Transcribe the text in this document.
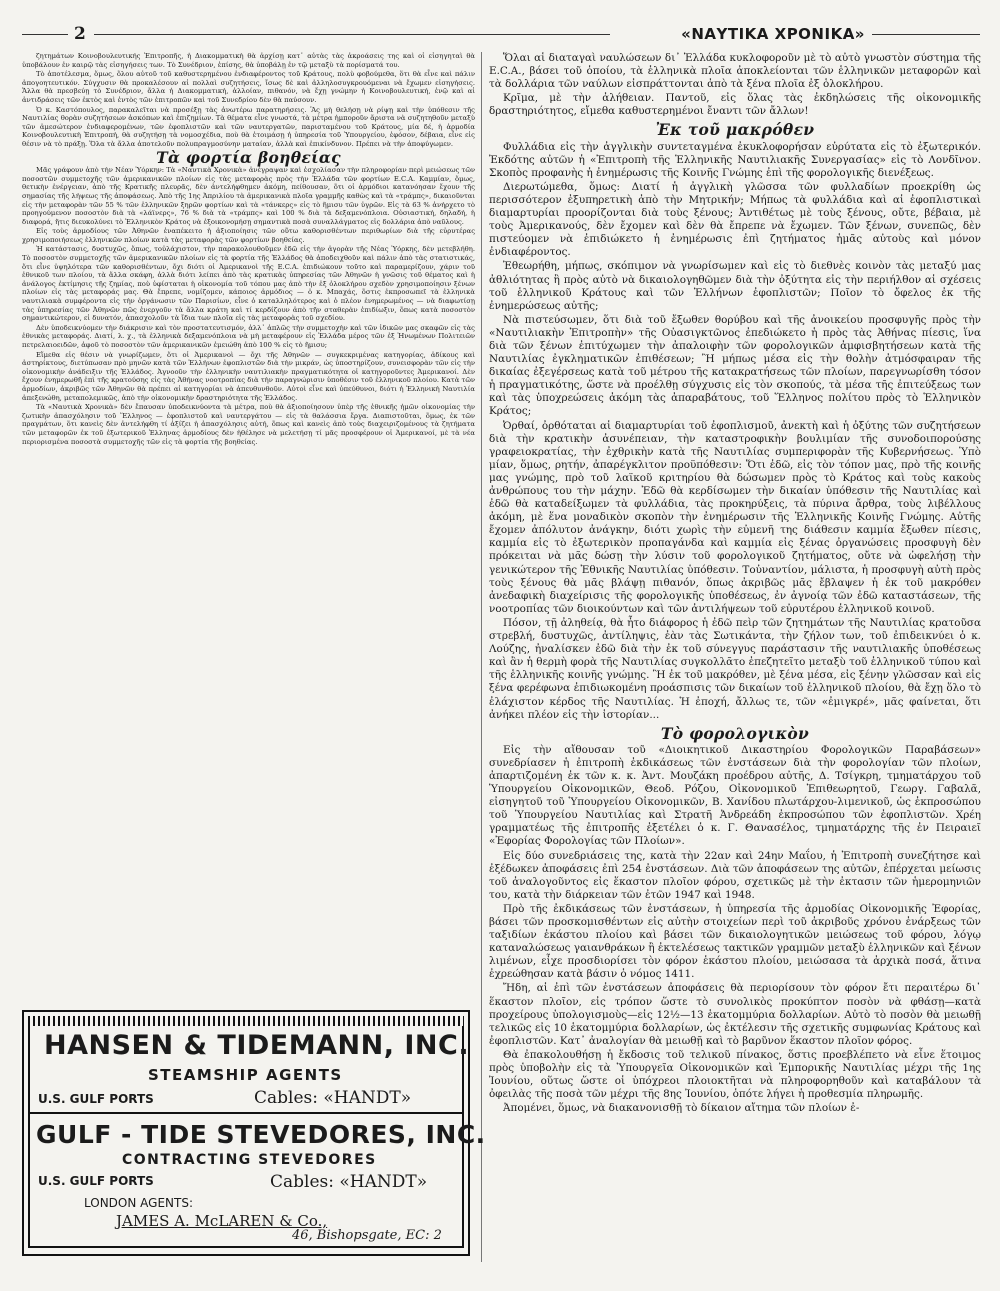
2	«ΝΑΥΤΙΚΑ ΧΡΟΝΙΚΑ»

ζητημάτων Κοινοβουλευτικής Ἐπιτροπῆς, ἡ Διακομματικὴ θὰ ἀρχίσῃ κατ᾿ αὐτὰς τὰς ἀκροάσεις της καὶ οἱ εἰσηγηταὶ θὰ ὑποβάλουν ἐν καιρῷ τὰς εἰσηγήσεις των. Τὸ Συνέδριον, ἐπίσης, θὰ ὑποβάλῃ ἐν τῷ μεταξὺ τὰ πορίσματά του.

Τὸ ἀποτέλεσμα, ὅμως, ὅλου αὐτοῦ τοῦ καθυστερημένου ἐνδιαφέροντος τοῦ Κράτους, πολὺ φοβούμεθα, ὅτι θὰ εἶνε καὶ πάλιν ἀπογοητευτικόν. Σύγχυσιν θὰ προκαλέσουν αἱ πολλαὶ συζητήσεις, ἴσως δὲ καὶ ἀλληλοσυγκρουόμεναι νὰ ἔχωμεν εἰσηγήσεις. Ἄλλα θὰ πρεσβεύῃ τὸ Συνέδριον, ἄλλα ἡ Διακομματική, ἀλλοίαν, πιθανόν, νὰ ἔχῃ γνώμην ἡ Κοινοβουλευτική, ἐνῷ καὶ αἱ ἀντιδράσεις τῶν ἐκτὸς καὶ ἐντὸς τῶν ἐπιτροπῶν καὶ τοῦ Συνεδρίου δὲν θὰ παύσουν.

Ὁ κ. Καστόπουλος, παρακαλεῖται νὰ προσέξῃ τὰς ἀνωτέρω παρατηρήσεις. Ἂς μὴ θελήσῃ νὰ ρίψῃ καὶ τὴν ὑπόθεσιν τῆς Ναυτιλίας θορὰν συζητήσεων ἀσκόπων καὶ ἐπιζημίων. Τὰ θέματα εἶνε γνωστά, τὰ μέτρα ἠμποροῦν ἄριστα νὰ συζητηθοῦν μεταξὺ τῶν ἀμεσώτερον ἐνδιαφερομένων, τῶν ἐφοπλιστῶν καὶ τῶν ναυτεργατῶν, παρισταμένου τοῦ Κράτους, μία δέ, ἡ ἁρμοδία Κοινοβουλευτικὴ Ἐπιτροπή, θὰ συζητήσῃ τὰ νομοσχέδια, ποὺ θὰ ἑτοιμάσῃ ἡ ὑπηρεσία τοῦ Ὑπουργείου, ἐφόσον, δέβαια, εἶνε εἰς θέσιν νὰ τὸ πράξῃ. Ὅλα τὰ ἄλλα ἀποτελοῦν πολυπραγμοσύνην ματαίαν, ἀλλὰ καὶ ἐπικίνδυνον. Πρέπει νὰ τὴν ἀποφύγωμεν.

Τὰ φορτία βοηθείας

Μᾶς γράφουν ἀπὸ τὴν Νέαν Ὑόρκην: Τὰ «Ναυτικὰ Χρονικὰ» ἀνέγραψαν καὶ ἐσχολίασαν τὴν πληροφορίαν περὶ μειώσεως τῶν ποσοστῶν συμμετοχῆς τῶν ἀμερικανικῶν πλοίων εἰς τὰς μεταφορὰς πρὸς τὴν Ἑλλάδα τῶν φορτίων E.C.A. Καμμίαν, ὅμως, θετικὴν ἐνέργειαν, ἀπὸ τῆς Κρατικῆς πλευρᾶς, δὲν ἀντελήφθημεν ἀκόμη, πείθουσαν, ὅτι οἱ ἁρμόδιοι κατανόησαν ἔχουν τῆς σημασίας τῆς λήψεως τῆς ἀποφάσεως. Ἀπὸ τῆς 1ης Ἀπριλίου τὰ ἀμερικανικὰ πλοῖα γραμμῆς καθὼς καὶ τὰ «τράμπς», δικαιοῦνται εἰς τὴν μεταφορὰν τῶν 55 % τῶν ἑλληνικῶν ξηρῶν φορτίων καὶ τὰ «τάνκερς» εἰς τὸ ἥμισυ τῶν ὑγρῶν. Εἰς τὰ 63 % ἀνήρχετο τὸ προηγούμενον ποσοστὸν διὰ τὰ «λάϊνερς», 76 % διὰ τὰ «τράμπς» καὶ 100 % διὰ τὰ δεξαμενόπλοια. Οὐσιαστική, δηλαδή, ἡ διαφορά, ἥτις διευκολύνει τὸ Ἑλληνικὸν Κράτος νὰ ἐξοικονομήσῃ σημαντικὰ ποσὰ συναλλάγματος εἰς δολλάρια ἀπὸ ναῦλους.

Εἰς τοὺς ἁρμοδίους τῶν Ἀθηνῶν ἐναπέκειτο ἡ ἀξιοποίησις τῶν οὕτω καθορισθέντων περιθωρίων διὰ τῆς εὐρυτέρας χρησιμοποιήσεως ἑλληνικῶν πλοίων κατὰ τὰς μεταφορὰς τῶν φορτίων βοηθείας.

Ἡ κατάστασις, δυστυχῶς, ὅπως, τοὐλάχιστον, τὴν παρακολουθοῦμεν ἐδῶ εἰς τὴν ἀγορὰν τῆς Νέας Ὑόρκης, δὲν μετεβλήθη. Τὸ ποσοστὸν συμμετοχῆς τῶν ἀμερικανικῶν πλοίων εἰς τὰ φορτία τῆς Ἑλλάδος θὰ ἀποδειχθοῦν καὶ πάλιν ἀπὸ τὰς στατιστικάς, ὅτι εἶνε ὑψηλότερα τῶν καθορισθέντων, ὄχι διότι οἱ Ἀμερικανοὶ τῆς E.C.A. ἐπιδιώκουν τοῦτο καὶ παραμερίζουν, χάριν τοῦ ἐθνικοῦ των πλοίου, τὰ ἄλλα σκάφη, ἀλλὰ διότι λείπει ἀπὸ τὰς κρατικὰς ὑπηρεσίας τῶν Ἀθηνῶν ἡ γνῶσις τοῦ θέματος καὶ ἡ ἀνάλογος ἐκτίμησις τῆς ζημίας, ποὺ ὑφίσταται ἡ οἰκονομία τοῦ τόπου μας ἀπὸ τὴν ἐξ ὁλοκλήρου σχεδὸν χρησιμοποίησιν ξένων πλοίων εἰς τὰς μεταφοράς μας. Θὰ ἔπρεπε, νομίζομεν, κάποιος ἁρμόδιος — ὁ κ. Μπαχάς, ὅστις ἐκπροσωπεῖ τὰ ἑλληνικὰ ναυτιλιακὰ συμφέροντα εἰς τὴν ὀργάνωσιν τῶν Παρισίων, εἶνε ὁ καταλληλότερος καὶ ὁ πλέον ἐνημερωμένος — νὰ διαφωτίσῃ τὰς ὑπηρεσίας τῶν Ἀθηνῶν πῶς ἐνεργοῦν τὰ ἄλλα κράτη καὶ τί κερδίζουν ἀπὸ τῆν σταθερὰν ἐπιδίωξιν, ὅπως κατὰ ποσοστὸν σημαντικώτερον, εἰ δυνατόν, ἀπασχολοῦν τὰ ἴδια των πλοῖα εἰς τὰς μεταφορὰς τοῦ σχεδίου.

Δὲν ὑποδεικνύομεν τὴν διάκρισιν καὶ τὸν προστατευτισμόν, ἀλλ᾿ ἁπλῶς τὴν συμμετοχὴν καὶ τῶν ἰδικῶν μας σκαφῶν εἰς τὰς ἐθνικὰς μεταφοράς. Διατί, λ. χ., τὰ ἑλληνικὰ δεξαμενόπλοια νὰ μὴ μεταφέρουν εἰς Ἑλλάδα μέρος τῶν ἐξ Ἡνωμένων Πολιτειῶν πετρελαιοειδῶν, ἀφοῦ τὸ ποσοστὸν τῶν ἀμερικανικῶν ἐμειώθη ἀπὸ 100 % εἰς τὸ ἥμισυ;

Εἴμεθα εἰς θέσιν νὰ γνωρίζωμεν, ὅτι οἱ Ἀμερικανοὶ — ὄχι τῆς Ἀθηνῶν — συγκεκριμένας κατηγορίας, ἀδίκους καὶ ἀστηρίκτους, διετύπωσαν πρὸ μηνῶν κατὰ τῶν Ἑλλήνων ἐφοπλιστῶν διὰ τὴν μικράν, ὡς ὑποστηρίζουν, συνεισφορὰν τῶν εἰς τὴν οἰκονομικὴν ἀνάδειξιν τῆς Ἑλλάδος. Ἀγνοοῦν τὴν ἑλληνικὴν ναυτιλιακὴν πραγματικότητα οἱ κατηγοροῦντες Ἀμερικανοί. Δὲν ἔχουν ἐνημερωθῆ ἐπὶ τῆς κρατούσης εἰς τὰς Ἀθήνας νοοτροπίας διὰ τὴν παραγνώρισιν ὑποθέσιν τοῦ ἑλληνικοῦ πλοίου. Κατὰ τῶν ἁρμοδίων, ἀκριβῶς τῶν Ἀθηνῶν θὰ πρέπει αἱ κατηγορίαι νὰ ἀπευθυνθοῦν. Αὐτοὶ εἶνε καὶ ὑπεύθυνοι, διότι ἡ Ἑλληνικὴ Ναυτιλία ἀπεξενώθη, μεταπολεμικῶς, ἀπὸ τὴν οἰκονομικὴν δραστηριότητα τῆς Ἑλλάδος.

Τὰ «Ναυτικὰ Χρονικὰ» δὲν ἔπαυσαν ὑποδεικνύοντα τὰ μέτρα, ποὺ θὰ ἀξιοποίησουν ὑπὲρ τῆς ἐθνικῆς ἡμῶν οἰκονομίας τὴν ζωτικὴν ἀπασχόλησιν τοῦ Ἕλληνος — ἐφοπλιστοῦ καὶ ναυτεργάτου — εἰς τὰ θαλάσσια ἔργα. Διαπιστοῦται, ὅμως, ἐκ τῶν πραγμάτων, ὅτι κανεὶς δὲν ἀντελήφθη τί ἀξίζει ἡ ἀπασχόλησις αὐτή, ὅπως καὶ κανεὶς ἀπὸ τοὺς διαχειριζομένους τὰ ζητήματα τῶν μεταφορῶν ἐκ τοῦ ἐξωτερικοῦ Ἑλληνας ἁρμοδίους δὲν ἠθέλησε νὰ μελετήσῃ τί μᾶς προσφέρουν οἱ Ἀμερικανοί, μὲ τὰ νέα περιορισμένα ποσοστὰ συμμετοχῆς τῶν εἰς τὰ φορτία τῆς βοηθείας.

HANSEN & TIDEMANN, INC.
STEAMSHIP AGENTS
U.S. GULF PORTS	Cables: «HANDT»
GULF - TIDE STEVEDORES, INC.
CONTRACTING STEVEDORES
U.S. GULF PORTS	Cables: «HANDT»
LONDON AGENTS:
JAMES A. McLAREN & Co.,
46, Bishopsgate, EC: 2

Ὅλαι αἱ διαταγαὶ ναυλώσεων δι᾿ Ἑλλάδα κυκλοφοροῦν μὲ τὸ αὐτὸ γνωστὸν σύστημα τῆς E.C.A., βάσει τοῦ ὁποίου, τὰ ἑλληνικὰ πλοῖα ἀποκλείονται τῶν ἑλληνικῶν μεταφορῶν καὶ τὰ δολλάρια τῶν ναύλων εἰσπράττονται ἀπὸ τὰ ξένα πλοῖα ἐξ ὁλοκλήρου.

Κρῖμα, μὲ τὴν ἀλήθειαν. Παντοῦ, εἰς ὅλας τὰς ἐκδηλώσεις τῆς οἰκονομικῆς δραστηριότητος, εἴμεθα καθυστερημένοι ἔναντι τῶν ἄλλων!

Ἐκ τοῦ μακρόθεν

Φυλλάδια εἰς τὴν ἀγγλικὴν συντεταγμένα ἐκυκλοφορήσαν εὐρύτατα εἰς τὸ ἐξωτερικόν. Ἐκδότης αὐτῶν ἡ «Ἐπιτροπὴ τῆς Ἑλληνικῆς Ναυτιλιακῆς Συνεργασίας» εἰς τὸ Λονδῖνον. Σκοπὸς προφανὴς ἡ ἐνημέρωσις τῆς Κοινῆς Γνώμης ἐπὶ τῆς φορολογικῆς διενέξεως.

Διερωτώμεθα, ὅμως: Διατί ἡ ἀγγλικὴ γλῶσσα τῶν φυλλαδίων προεκρίθη ὡς περισσότερον ἐξυπηρετικὴ ἀπὸ τὴν Μητρικήν; Μήπως τὰ φυλλάδια καὶ αἱ ἐφοπλιστικαὶ διαμαρτυρίαι προορίζονται διὰ τοὺς ξένους; Ἀντιθέτως μὲ τοὺς ξένους, οὔτε, βέβαια, μὲ τοὺς Ἀμερικανούς, δὲν ἔχομεν καὶ δὲν θὰ ἔπρεπε νὰ ἔχωμεν. Τῶν ξένων, συνεπῶς, δὲν πιστεύομεν νὰ ἐπιδιώκετο ἡ ἐνημέρωσις ἐπὶ ζητήματος ἡμᾶς αὐτοὺς καὶ μόνον ἐνδιαφέροντος.

Ἐθεωρήθη, μήπως, σκόπιμον νὰ γνωρίσωμεν καὶ εἰς τὸ διεθνὲς κοινὸν τὰς μεταξύ μας ἀθλιότητας ἢ πρὸς αὐτὸ νὰ δικαιολογηθῶμεν διὰ τὴν ὀξύτητα εἰς τὴν περιήλθον αἱ σχέσεις τοῦ ἑλληνικοῦ Κράτους καὶ τῶν Ἑλλήνων ἐφοπλιστῶν; Ποῖον τὸ ὄφελος ἐκ τῆς ἐνημερώσεως αὐτῆς;

Νὰ πιστεύσωμεν, ὅτι διὰ τοῦ ἔξωθεν θορύβου καὶ τῆς ἀνοικείου προσφυγῆς πρὸς τὴν «Ναυτιλιακὴν Ἐπιτροπὴν» τῆς Οὐασιγκτῶνος ἐπεδιώκετο ἡ πρὸς τὰς Ἀθήνας πίεσις, ἵνα διὰ τῶν ξένων ἐπιτύχωμεν τὴν ἀπαλοιφὴν τῶν φορολογικῶν ἀμφισβητήσεων κατὰ τῆς Ναυτιλίας ἐγκληματικῶν ἐπιθέσεων; Ἢ μήπως μέσα εἰς τὴν θολὴν ἀτμόσφαιραν τῆς δικαίας ἐξεγέρσεως κατὰ τοῦ μέτρου τῆς κατακρατήσεως τῶν πλοίων, παρεγνωρίσθη τόσον ἡ πραγματικότης, ὥστε νὰ προέλθῃ σύγχυσις εἰς τὸν σκοπούς, τὰ μέσα τῆς ἐπιτεύξεως των καὶ τὰς ὑποχρεώσεις ἀκόμη τὰς ἀπαραβάτους, τοῦ Ἕλληνος πολίτου πρὸς τὸ Ἑλληνικὸν Κράτος;

Ὀρθαί, ὀρθόταται αἱ διαμαρτυρίαι τοῦ ἐφοπλισμοῦ, ἀνεκτὴ καὶ ἡ ὀξύτης τῶν συζητήσεων διὰ τὴν κρατικὴν ἀσυνέπειαν, τὴν καταστροφικὴν βουλιμίαν τῆς συνοδοιπορούσης γραφειοκρατίας, τὴν ἐχθρικὴν κατὰ τῆς Ναυτιλίας συμπεριφορὰν τῆς Κυβερνήσεως. Ὑπὸ μίαν, ὅμως, ρητήν, ἀπαρέγκλιτον προϋπόθεσιν: Ὅτι ἐδῶ, εἰς τὸν τόπον μας, πρὸ τῆς κοινῆς μας γνώμης, πρὸ τοῦ λαϊκοῦ κριτηρίου θὰ δώσωμεν πρὸς τὸ Κράτος καὶ τοὺς κακοὺς ἀνθρώπους του τὴν μάχην. Ἐδῶ θὰ κερδίσωμεν τὴν δικαίαν ὑπόθεσιν τῆς Ναυτιλίας καὶ ἐδῶ θὰ καταδείξωμεν τὰ φυλλάδια, τὰς προκηρύξεις, τὰ πύρινα ἄρθρα, τοὺς λιβέλλους ἀκόμη, μὲ ἕνα μοναδικὸν σκοπὸν τὴν ἐνημέρωσιν τῆς Ἑλληνικῆς Κοινῆς Γνώμης. Αὐτῆς ἔχομεν ἀπόλυτον ἀνάγκην, διότι χωρὶς τὴν εὐμενῆ της διάθεσιν καμμία ἔξωθεν πίεσις, καμμία εἰς τὸ ἐξωτερικὸν προπαγάνδα καὶ καμμία εἰς ξένας ὀργανώσεις προσφυγὴ δὲν πρόκειται νὰ μᾶς δώσῃ τὴν λύσιν τοῦ φορολογικοῦ ζητήματος, οὔτε νὰ ὠφελήσῃ τὴν γενικώτερον τῆς Ἐθνικῆς Ναυτιλίας ὑπόθεσιν. Τοὐναντίον, μάλιστα, ἡ προσφυγὴ αὐτὴ πρὸς τοὺς ξένους θὰ μᾶς βλάψῃ πιθανόν, ὅπως ἀκριβῶς μᾶς ἔβλαψεν ἡ ἐκ τοῦ μακρόθεν ἀνεδαφικὴ διαχείρισις τῆς φορολογικῆς ὑποθέσεως, ἐν ἀγνοίᾳ τῶν ἐδῶ καταστάσεων, τῆς νοοτροπίας τῶν διοικούντων καὶ τῶν ἀντιλήψεων τοῦ εὐρυτέρου ἑλληνικοῦ κοινοῦ.

Πόσον, τῇ ἀληθείᾳ, θὰ ἦτο διάφορος ἡ ἐδῶ πεὶρ τῶν ζητημάτων τῆς Ναυτιλίας κρατοῦσα στρεβλή, δυστυχῶς, ἀντίληψις, ἐὰν τὰς Σωτικάντα, τὴν ζήλον των, τοῦ ἐπιδεικνύει ὁ κ. Λούζης, ἠναλίσκεν ἐδῶ διὰ τὴν ἐκ τοῦ σύνεγγυς παράστασιν τῆς ναυτιλιακῆς ὑποθέσεως καὶ ἂν ἡ θερμὴ φορὰ τῆς Ναυτιλίας συγκολλᾶτο ἐπεζητεῖτο μεταξὺ τοῦ ἑλληνικοῦ τύπου καὶ τῆς ἑλληνικῆς κοινῆς γνώμης. Ἢ ἐκ τοῦ μακρόθεν, μὲ ξένα μέσα, εἰς ξένην γλῶσσαν καὶ εἰς ξένα φερέφωνα ἐπιδιωκομένη προάσπισις τῶν δικαίων τοῦ ἑλληνικοῦ πλοίου, θὰ ἔχῃ ὅλο τὸ ἐλάχιστον κέρδος τῆς Ναυτιλίας. Ἡ ἐποχή, ἄλλως τε, τῶν «ἐμιγκρέ», μᾶς φαίνεται, ὅτι ἀνήκει πλέον εἰς τὴν ἱστορίαν...

Τὸ φορολογικὸν

Εἰς τὴν αἴθουσαν τοῦ «Διοικητικοῦ Δικαστηρίου Φορολογικῶν Παραβάσεων» συνεδρίασεν ἡ ἐπιτροπὴ ἐκδικάσεως τῶν ἐνστάσεων διὰ τὴν φορολογίαν τῶν πλοίων, ἀπαρτιζομένη ἐκ τῶν κ. κ. Ἀντ. Μουζάκη προέδρου αὐτῆς, Δ. Τσίγκρη, τμηματάρχου τοῦ Ὑπουργείου Οἰκονομικῶν, Θεοδ. Ρόζου, Οἰκονομικοῦ Ἐπιθεωρητοῦ, Γεωργ. Γαβαλᾶ, εἰσηγητοῦ τοῦ Ὑπουργείου Οἰκονομικῶν, Β. Χανίδου πλωτάρχου-λιμενικοῦ, ὡς ἐκπροσώπου τοῦ Ὑπουργείου Ναυτιλίας καὶ Στρατῆ Ἀνδρεάδη ἐκπροσώπου τῶν ἐφοπλιστῶν. Χρέη γραμματέως τῆς ἐπιτροπῆς ἐξετέλει ὁ κ. Γ. Θανασέλος, τμηματάρχης τῆς ἐν Πειραιεῖ «Ἐφορίας Φορολογίας τῶν Πλοίων».

Εἰς δύο συνεδριάσεις της, κατὰ τὴν 22αν καὶ 24ην Μαΐου, ἡ Ἐπιτροπὴ συνεζήτησε καὶ ἐξέδωκεν ἀποφάσεις ἐπὶ 254 ἐνστάσεων. Διὰ τῶν ἀποφάσεων της αὐτῶν, ἐπέρχεται μείωσις τοῦ ἀναλογοῦντος εἰς ἕκαστον πλοῖον φόρου, σχετικῶς μὲ τὴν ἐκτασιν τῶν ἡμερομηνιῶν του, κατὰ τὴν διάρκειαν τῶν ἐτῶν 1947 καὶ 1948.

Πρὸ τῆς ἐκδικάσεως τῶν ἐνστάσεων, ἡ ὑπηρεσία τῆς ἁρμοδίας Οἰκονομικῆς Ἐφορίας, βάσει τῶν προσκομισθέντων εἰς αὐτὴν στοιχείων περὶ τοῦ ἀκριβοῦς χρόνου ἐνάρξεως τῶν ταξιδίων ἑκάστου πλοίου καὶ βάσει τῶν δικαιολογητικῶν μειώσεως τοῦ φόρου, λόγῳ καταναλώσεως γαιανθράκων ἢ ἐκτελέσεως τακτικῶν γραμμῶν μεταξὺ ἑλληνικῶν καὶ ξένων λιμένων, εἶχε προσδιορίσει τὸν φόρον ἑκάστου πλοίου, μειώσασα τὰ ἀρχικὰ ποσά, ἅτινα ἐχρεώθησαν κατὰ βάσιν ὁ νόμος 1411.

Ἤδη, αἱ ἐπὶ τῶν ἐνστάσεων ἀποφάσεις θὰ περιορίσουν τὸν φόρον ἔτι περαιτέρω δι᾿ ἕκαστον πλοῖον, εἰς τρόπον ὥστε τὸ συνολικὸς προκύπτον ποσὸν νὰ φθάσῃ—κατὰ προχείρους ὑπολογισμοὺς—εἰς 12½—13 ἑκατομμύρια δολλαρίων. Αὐτὸ τὸ ποσὸν θὰ μειωθῇ τελικῶς εἰς 10 ἑκατομμύρια δολλαρίων, ὡς ἐκτέλεσιν τῆς σχετικῆς συμφωνίας Κράτους καὶ ἐφοπλιστῶν. Κατ᾿ ἀναλογίαν θὰ μειωθῇ καὶ τὸ βαρῦνον ἕκαστον πλοῖον φόρος.

Θὰ ἐπακολουθήσῃ ἡ ἔκδοσις τοῦ τελικοῦ πίνακος, ὅστις προεβλέπετο νὰ εἶνε ἕτοιμος πρὸς ὑποβολὴν εἰς τὰ Ὑπουργεῖα Οἰκονομικῶν καὶ Ἐμπορικῆς Ναυτιλίας μέχρι τῆς 1ης Ἰουνίου, οὕτως ὥστε οἱ ὑπόχρεοι πλοιοκτῆται νὰ πληροφορηθοῦν καὶ καταβάλουν τὰ ὀφειλὰς τῆς ποσὰ τῶν μέχρι τῆς 8ης Ἰουνίου, ὁπότε λήγει ἡ προθεσμία πληρωμῆς.

Ἀπομένει, ὅμως, νὰ διακανονισθῇ τὸ δίκαιον αἴτημα τῶν πλοίων ἐ-
